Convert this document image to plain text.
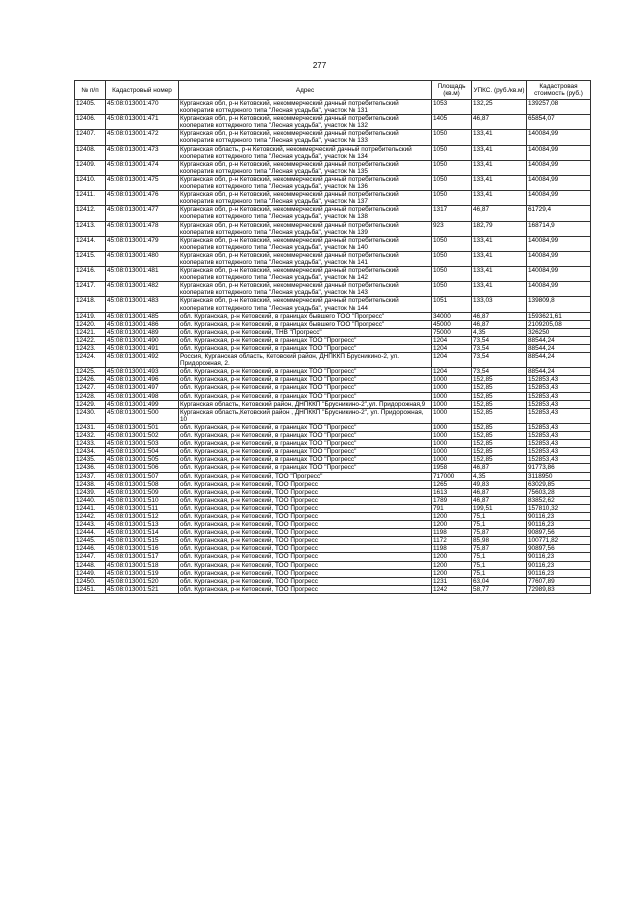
277
№ п/п	Кадастровый номер	Адрес	Площадь (кв.м)	УПКС. (руб./кв.м)	Кадастровая стоимость (руб.)
12405.	45:08:013001:470	Курганская обл, р-н Кетовский, некоммерческий дачный потребительский кооператив коттеджного типа "Лесная усадьба", участок № 131	1053	132,25	139257,08
12406.	45:08:013001:471	Курганская обл, р-н Кетовский, некоммерческий дачный потребительский кооператив коттеджного типа "Лесная усадьба", участок № 132	1405	46,87	65854,07
12407.	45:08:013001:472	Курганская обл, р-н Кетовский, некоммерческий дачный потребительский кооператив коттеджного типа "Лесная усадьба", участок № 133	1050	133,41	140084,99
12408.	45:08:013001:473	Курганская область, р-н Кетовский, некоммерческий дачный потребительский кооператив коттеджного типа "Лесная усадьба", участок № 134	1050	133,41	140084,99
12409.	45:08:013001:474	Курганская обл, р-н Кетовский, некоммерческий дачный потребительский кооператив коттеджного типа "Лесная усадьба", участок № 135	1050	133,41	140084,99
12410.	45:08:013001:475	Курганская обл, р-н Кетовский, некоммерческий дачный потребительский кооператив коттеджного типа "Лесная усадьба", участок № 136	1050	133,41	140084,99
12411.	45:08:013001:476	Курганская обл, р-н Кетовский, некоммерческий дачный потребительский кооператив коттеджного типа "Лесная усадьба", участок № 137	1050	133,41	140084,99
12412.	45:08:013001:477	Курганская обл, р-н Кетовский, некоммерческий дачный потребительский кооператив коттеджного типа "Лесная усадьба", участок № 138	1317	46,87	61729,4
12413.	45:08:013001:478	Курганская обл, р-н Кетовский, некоммерческий дачный потребительский кооператив коттеджного типа "Лесная усадьба", участок № 139	923	182,79	168714,9
12414.	45:08:013001:479	Курганская обл, р-н Кетовский, некоммерческий дачный потребительский кооператив коттеджного типа "Лесная усадьба", участок № 140	1050	133,41	140084,99
12415.	45:08:013001:480	Курганская обл, р-н Кетовский, некоммерческий дачный потребительский кооператив коттеджного типа "Лесная усадьба", участок № 141	1050	133,41	140084,99
12416.	45:08:013001:481	Курганская обл, р-н Кетовский, некоммерческий дачный потребительский кооператив коттеджного типа "Лесная усадьба", участок № 142	1050	133,41	140084,99
12417.	45:08:013001:482	Курганская обл, р-н Кетовский, некоммерческий дачный потребительский кооператив коттеджного типа "Лесная усадьба", участок № 143	1050	133,41	140084,99
12418.	45:08:013001:483	Курганская обл, р-н Кетовский, некоммерческий дачный потребительский кооператив коттеджного типа "Лесная усадьба", участок № 144	1051	133,03	139809,8
12419.	45:08:013001:485	обл. Курганская, р-н Кетовский, в границах бывшего ТОО "Прогресс"	34000	46,87	1593621,61
12420.	45:08:013001:486	обл. Курганская, р-н Кетовский, в границах бывшего ТОО "Прогресс"	45000	46,87	2109205,08
12421.	45:08:013001:489	обл. Курганская, р-н Кетовский, ТНВ "Прогресс"	75000	4,35	326250
12422.	45:08:013001:490	обл. Курганская, р-н Кетовский, в границах ТОО "Прогресс"	1204	73,54	88544,24
12423.	45:08:013001:491	обл. Курганская, р-н Кетовский, в границах ТОО "Прогресс"	1204	73,54	88544,24
12424.	45:08:013001:492	Россия, Курганская область, Кетовский район, ДНПККП Брусникино-2, ул. Придорожная, 2.	1204	73,54	88544,24
12425.	45:08:013001:493	обл. Курганская, р-н Кетовский, в границах ТОО "Прогресс"	1204	73,54	88544,24
12426.	45:08:013001:496	обл. Курганская, р-н Кетовский, в границах ТОО "Прогресс"	1000	152,85	152853,43
12427.	45:08:013001:497	обл. Курганская, р-н Кетовский, в границах ТОО "Прогресс"	1000	152,85	152853,43
12428.	45:08:013001:498	обл. Курганская, р-н Кетовский, в границах ТОО "Прогресс"	1000	152,85	152853,43
12429.	45:08:013001:499	Курганская область, Кетовский район, ДНПККП "Брусникино-2",ул. Придорожная,9	1000	152,85	152853,43
12430.	45:08:013001:500	Курганская область,Кетовский район , ДНПККП "Брусникино-2", ул. Придорожная, 10	1000	152,85	152853,43
12431.	45:08:013001:501	обл. Курганская, р-н Кетовский, в границах ТОО "Прогресс"	1000	152,85	152853,43
12432.	45:08:013001:502	обл. Курганская, р-н Кетовский, в границах ТОО "Прогресс"	1000	152,85	152853,43
12433.	45:08:013001:503	обл. Курганская, р-н Кетовский, в границах ТОО "Прогресс"	1000	152,85	152853,43
12434.	45:08:013001:504	обл. Курганская, р-н Кетовский, в границах ТОО "Прогресс"	1000	152,85	152853,43
12435.	45:08:013001:505	обл. Курганская, р-н Кетовский, в границах ТОО "Прогресс"	1000	152,85	152853,43
12436.	45:08:013001:506	обл. Курганская, р-н Кетовский, в границах ТОО "Прогресс"	1958	46,87	91773,86
12437.	45:08:013001:507	обл. Курганская, р-н Кетовский, ТОО "Прогресс"	717000	4,35	3118950
12438.	45:08:013001:508	обл. Курганская, р-н Кетовский, ТОО Прогресс	1265	49,83	63029,85
12439.	45:08:013001:509	обл. Курганская, р-н Кетовский, ТОО Прогресс	1613	46,87	75603,28
12440.	45:08:013001:510	обл. Курганская, р-н Кетовский, ТОО Прогресс	1789	46,87	83852,62
12441.	45:08:013001:511	обл. Курганская, р-н Кетовский, ТОО Прогресс	791	199,51	157810,32
12442.	45:08:013001:512	обл. Курганская, р-н Кетовский, ТОО Прогресс	1200	75,1	90116,23
12443.	45:08:013001:513	обл. Курганская, р-н Кетовский, ТОО Прогресс	1200	75,1	90116,23
12444.	45:08:013001:514	обл. Курганская, р-н Кетовский, ТОО Прогресс	1198	75,87	90897,56
12445.	45:08:013001:515	обл. Курганская, р-н Кетовский, ТОО Прогресс	1172	85,98	100771,82
12446.	45:08:013001:516	обл. Курганская, р-н Кетовский, ТОО Прогресс	1198	75,87	90897,56
12447.	45:08:013001:517	обл. Курганская, р-н Кетовский, ТОО Прогресс	1200	75,1	90116,23
12448.	45:08:013001:518	обл. Курганская, р-н Кетовский, ТОО Прогресс	1200	75,1	90116,23
12449.	45:08:013001:519	обл. Курганская, р-н Кетовский, ТОО Прогресс	1200	75,1	90116,23
12450.	45:08:013001:520	обл. Курганская, р-н Кетовский, ТОО Прогресс	1231	63,04	77607,89
12451.	45:08:013001:521	обл. Курганская, р-н Кетовский, ТОО Прогресс	1242	58,77	72989,83
